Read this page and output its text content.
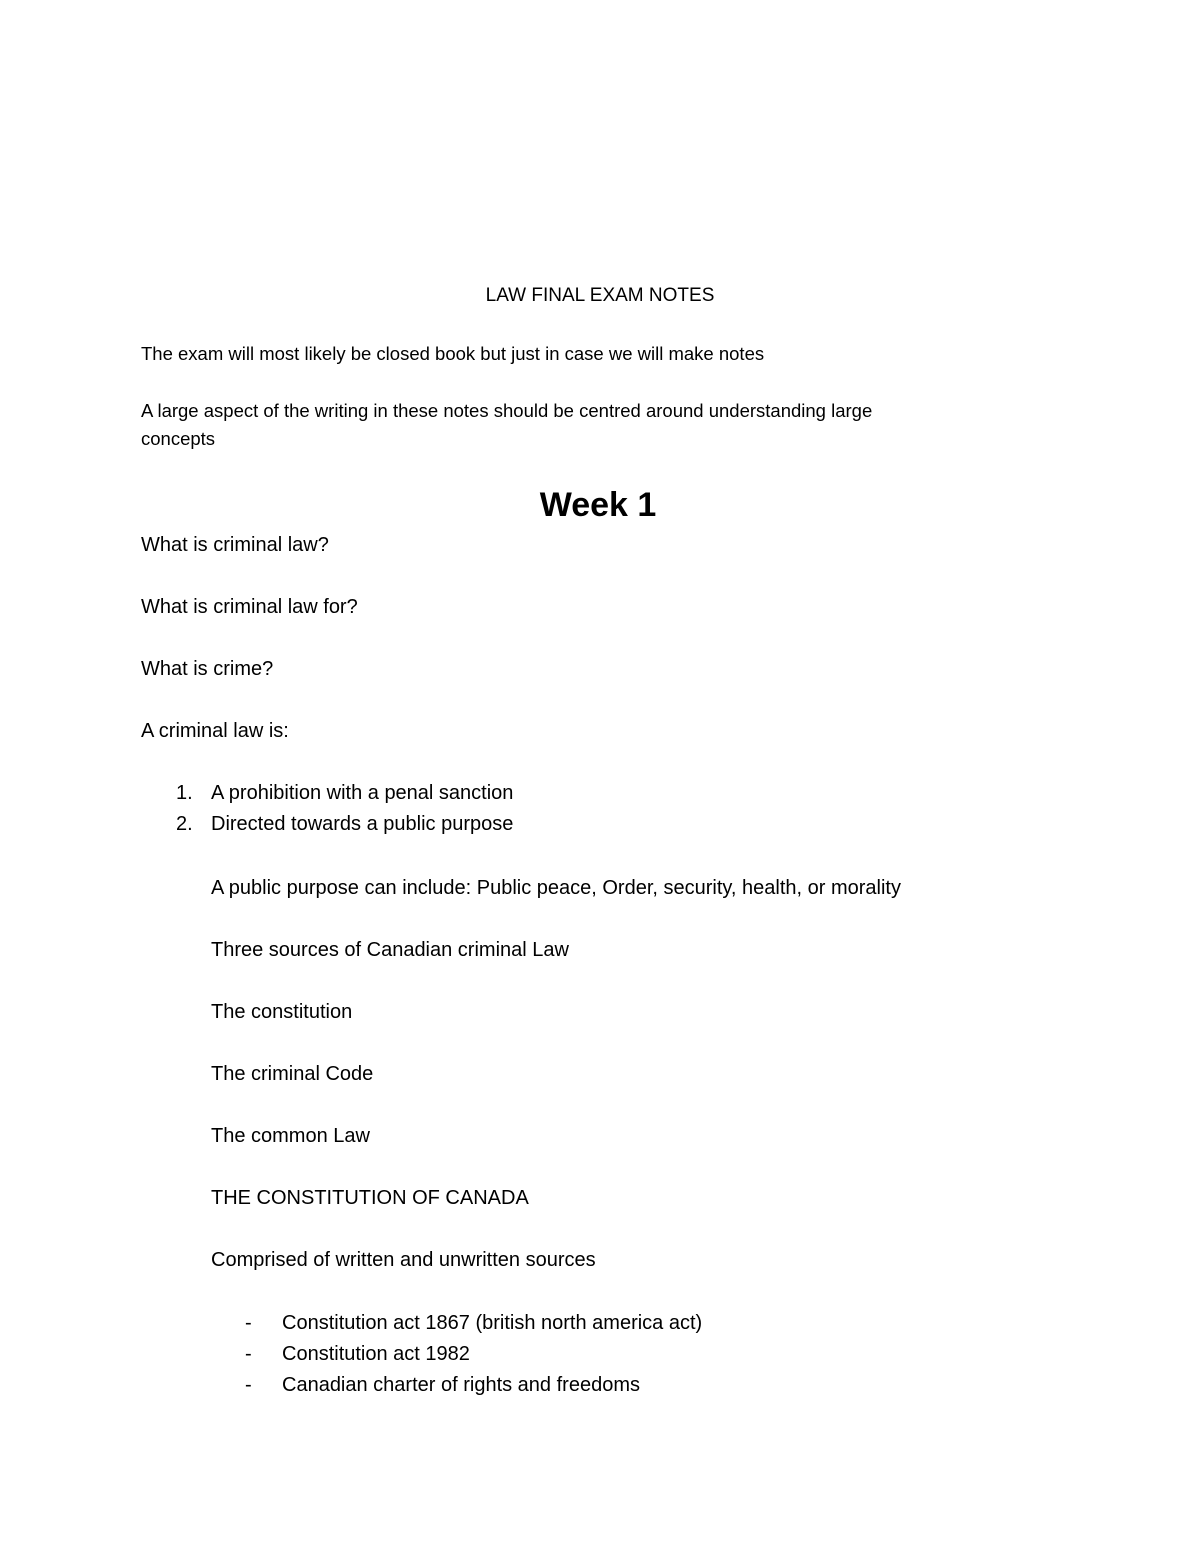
LAW FINAL EXAM NOTES
The exam will most likely be closed book but just in case we will make notes
A large aspect of the writing in these notes should be centred around understanding large
concepts
Week 1
What is criminal law?
What is criminal law for?
What is crime?
A criminal law is:
1. A prohibition with a penal sanction
2. Directed towards a public purpose
A public purpose can include: Public peace, Order, security, health, or morality
Three sources of Canadian criminal Law
The constitution
The criminal Code
The common Law
THE CONSTITUTION OF CANADA
Comprised of written and unwritten sources
- Constitution act 1867 (british north america act)
- Constitution act 1982
- Canadian charter of rights and freedoms
